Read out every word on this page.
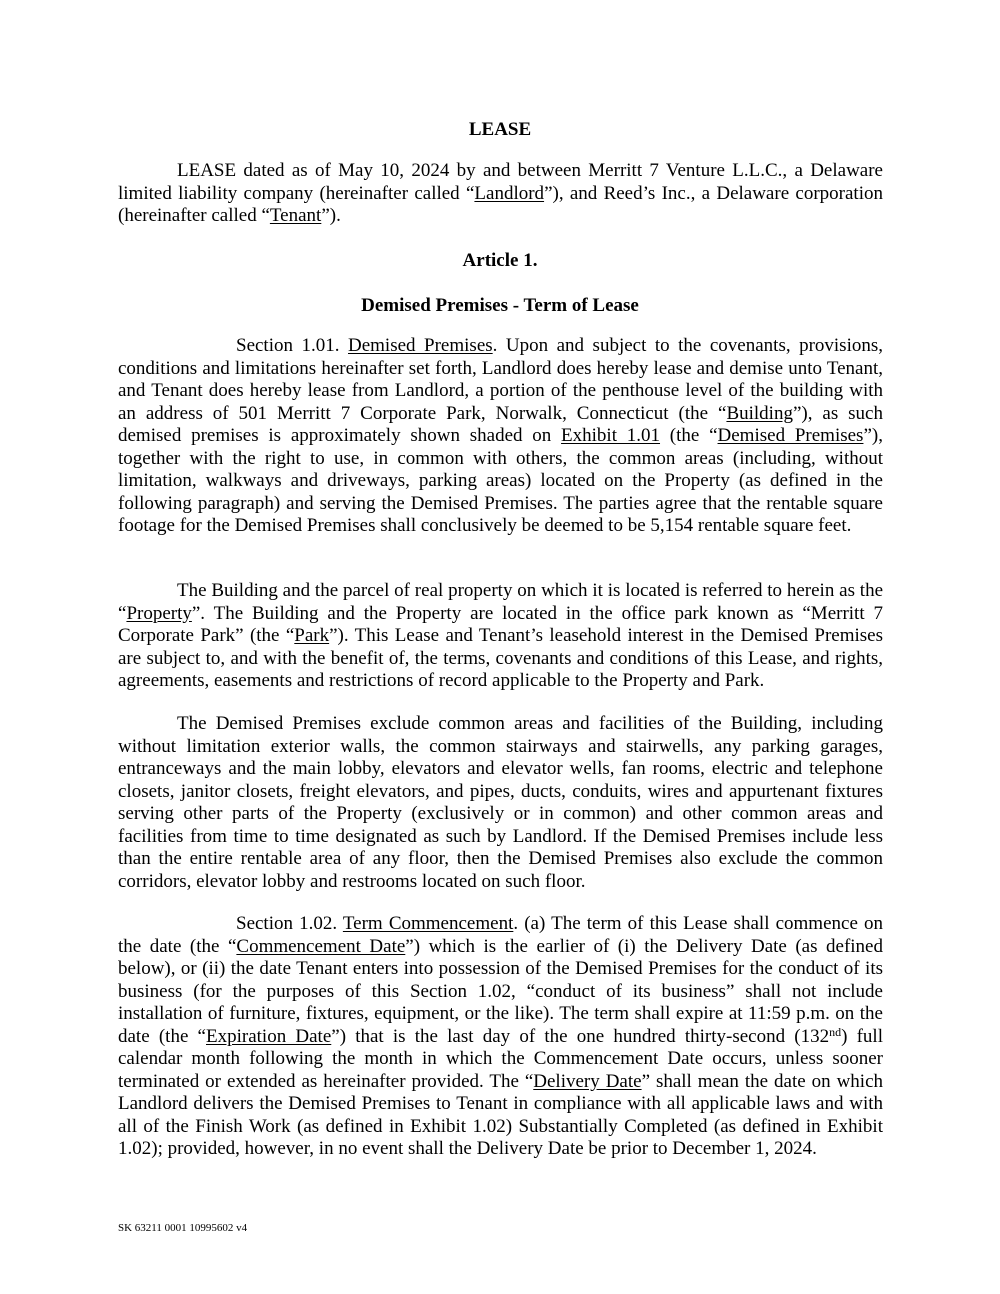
LEASE

LEASE dated as of May 10, 2024 by and between Merritt 7 Venture L.L.C., a Delaware limited liability company (hereinafter called “Landlord”), and Reed’s Inc., a Delaware corporation (hereinafter called “Tenant”).

Article 1.
Demised Premises - Term of Lease

Section 1.01. Demised Premises. Upon and subject to the covenants, provisions, conditions and limitations hereinafter set forth, Landlord does hereby lease and demise unto Tenant, and Tenant does hereby lease from Landlord, a portion of the penthouse level of the building with an address of 501 Merritt 7 Corporate Park, Norwalk, Connecticut (the “Building”), as such demised premises is approximately shown shaded on Exhibit 1.01 (the “Demised Premises”), together with the right to use, in common with others, the common areas (including, without limitation, walkways and driveways, parking areas) located on the Property (as defined in the following paragraph) and serving the Demised Premises. The parties agree that the rentable square footage for the Demised Premises shall conclusively be deemed to be 5,154 rentable square feet.

The Building and the parcel of real property on which it is located is referred to herein as the “Property”. The Building and the Property are located in the office park known as “Merritt 7 Corporate Park” (the “Park”). This Lease and Tenant’s leasehold interest in the Demised Premises are subject to, and with the benefit of, the terms, covenants and conditions of this Lease, and rights, agreements, easements and restrictions of record applicable to the Property and Park.

The Demised Premises exclude common areas and facilities of the Building, including without limitation exterior walls, the common stairways and stairwells, any parking garages, entranceways and the main lobby, elevators and elevator wells, fan rooms, electric and telephone closets, janitor closets, freight elevators, and pipes, ducts, conduits, wires and appurtenant fixtures serving other parts of the Property (exclusively or in common) and other common areas and facilities from time to time designated as such by Landlord. If the Demised Premises include less than the entire rentable area of any floor, then the Demised Premises also exclude the common corridors, elevator lobby and restrooms located on such floor.

Section 1.02. Term Commencement. (a) The term of this Lease shall commence on the date (the “Commencement Date”) which is the earlier of (i) the Delivery Date (as defined below), or (ii) the date Tenant enters into possession of the Demised Premises for the conduct of its business (for the purposes of this Section 1.02, “conduct of its business” shall not include installation of furniture, fixtures, equipment, or the like). The term shall expire at 11:59 p.m. on the date (the “Expiration Date”) that is the last day of the one hundred thirty-second (132nd) full calendar month following the month in which the Commencement Date occurs, unless sooner terminated or extended as hereinafter provided. The “Delivery Date” shall mean the date on which Landlord delivers the Demised Premises to Tenant in compliance with all applicable laws and with all of the Finish Work (as defined in Exhibit 1.02) Substantially Completed (as defined in Exhibit 1.02); provided, however, in no event shall the Delivery Date be prior to December 1, 2024.

SK 63211 0001 10995602 v4
